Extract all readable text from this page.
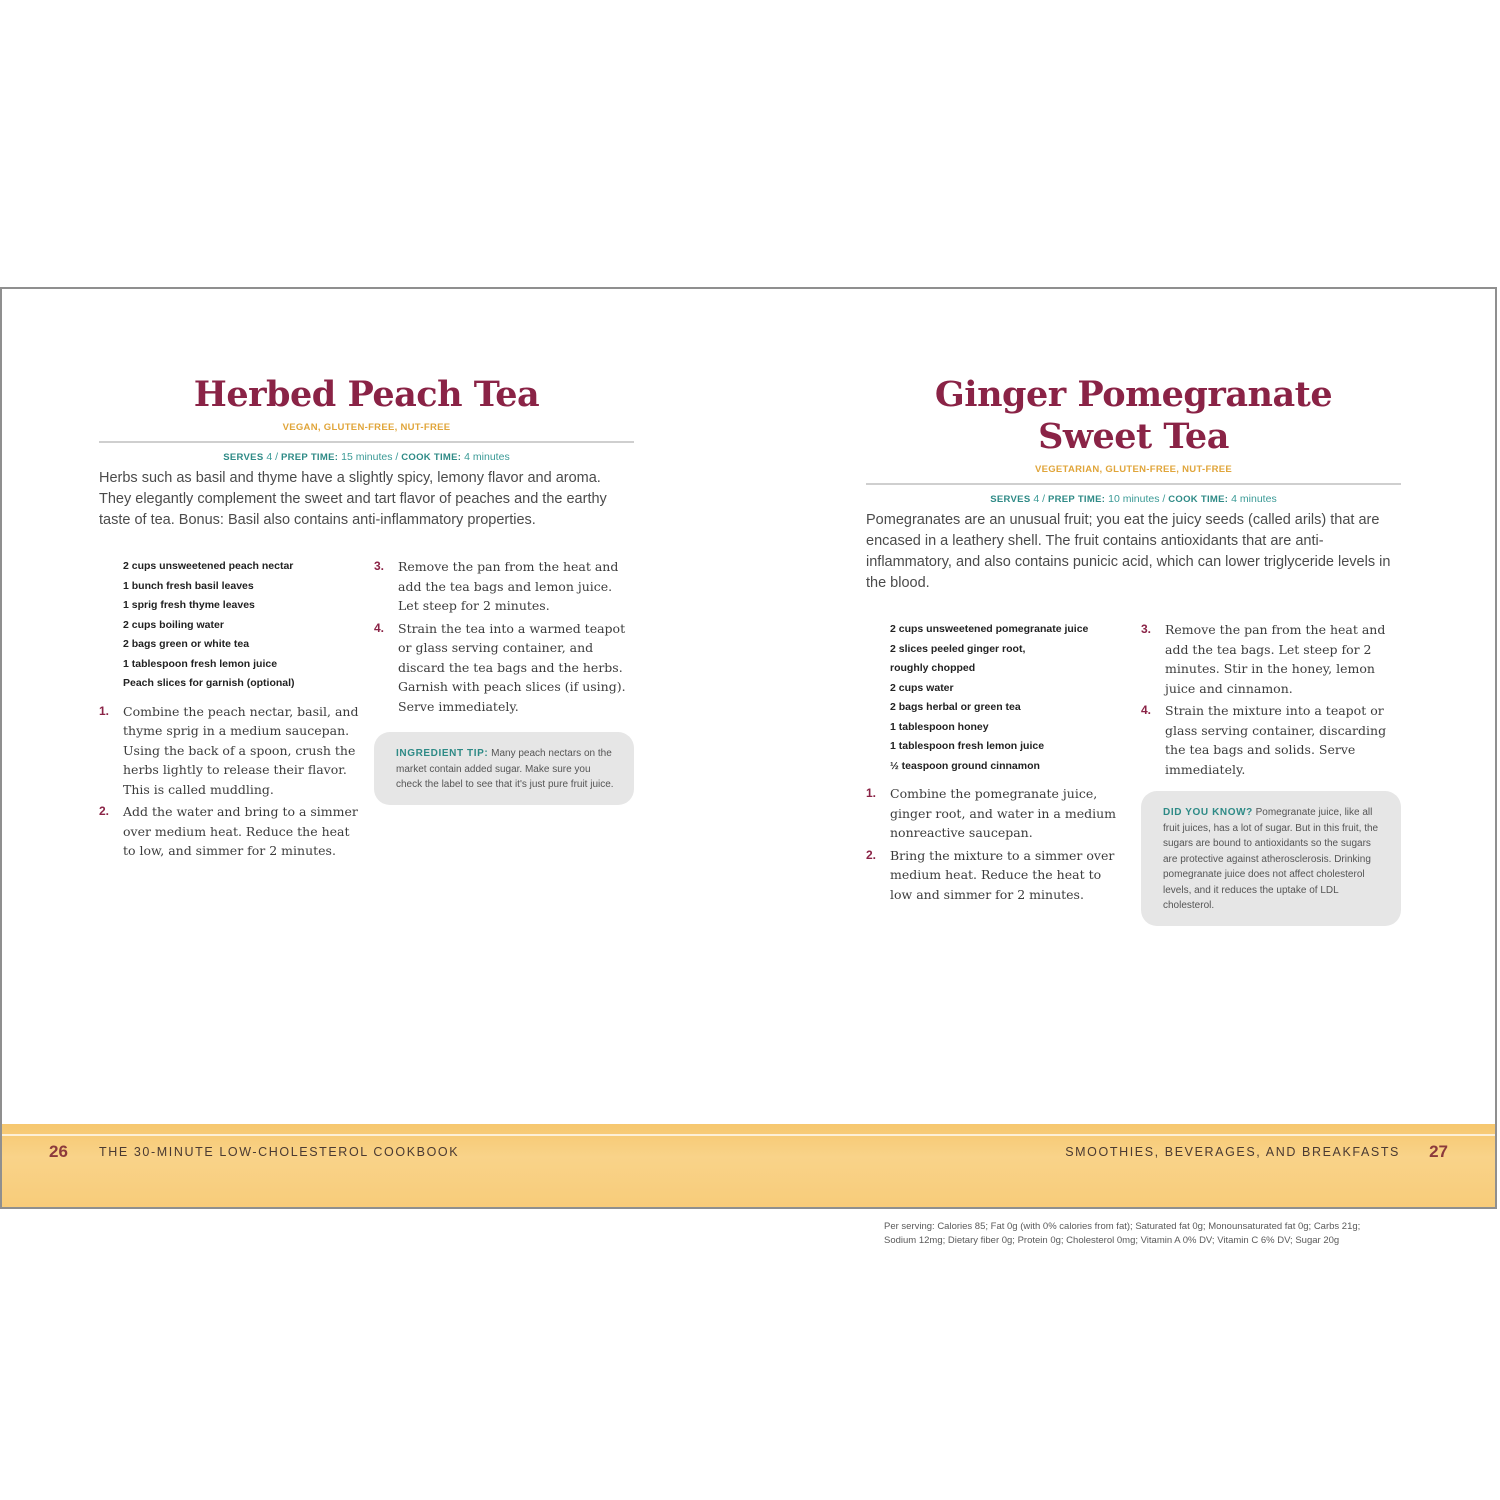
Herbed Peach Tea
VEGAN, GLUTEN-FREE, NUT-FREE
SERVES 4 / PREP TIME: 15 minutes / COOK TIME: 4 minutes

Herbs such as basil and thyme have a slightly spicy, lemony flavor and aroma. They elegantly complement the sweet and tart flavor of peaches and the earthy taste of tea. Bonus: Basil also contains anti-inflammatory properties.

2 cups unsweetened peach nectar
1 bunch fresh basil leaves
1 sprig fresh thyme leaves
2 cups boiling water
2 bags green or white tea
1 tablespoon fresh lemon juice
Peach slices for garnish (optional)
1. Combine the peach nectar, basil, and thyme sprig in a medium saucepan. Using the back of a spoon, crush the herbs lightly to release their flavor. This is called muddling.
2. Add the water and bring to a simmer over medium heat. Reduce the heat to low, and simmer for 2 minutes.
3. Remove the pan from the heat and add the tea bags and lemon juice. Let steep for 2 minutes.
4. Strain the tea into a warmed teapot or glass serving container, and discard the tea bags and the herbs. Garnish with peach slices (if using). Serve immediately.
INGREDIENT TIP: Many peach nectars on the market contain added sugar. Make sure you check the label to see that it's just pure fruit juice.
Ginger Pomegranate
Sweet Tea
VEGETARIAN, GLUTEN-FREE, NUT-FREE
SERVES 4 / PREP TIME: 10 minutes / COOK TIME: 4 minutes

Pomegranates are an unusual fruit; you eat the juicy seeds (called arils) that are encased in a leathery shell. The fruit contains antioxidants that are anti-inflammatory, and also contains punicic acid, which can lower triglyceride levels in the blood.

2 cups unsweetened pomegranate juice
2 slices peeled ginger root,
roughly chopped
2 cups water
2 bags herbal or green tea
1 tablespoon honey
1 tablespoon fresh lemon juice
½ teaspoon ground cinnamon
1. Combine the pomegranate juice, ginger root, and water in a medium nonreactive saucepan.
2. Bring the mixture to a simmer over medium heat. Reduce the heat to low and simmer for 2 minutes.
3. Remove the pan from the heat and add the tea bags. Let steep for 2 minutes. Stir in the honey, lemon juice and cinnamon.
4. Strain the mixture into a teapot or glass serving container, discarding the tea bags and solids. Serve immediately.
DID YOU KNOW? Pomegranate juice, like all fruit juices, has a lot of sugar. But in this fruit, the sugars are bound to antioxidants so the sugars are protective against atherosclerosis. Drinking pomegranate juice does not affect cholesterol levels, and it reduces the uptake of LDL cholesterol.
Per serving: Calories 85; Fat 0g (with 0% calories from fat); Saturated fat 0g; Monounsaturated fat 0g; Carbs 21g; Sodium 12mg; Dietary fiber 0g; Protein 0g; Cholesterol 0mg; Vitamin A 0% DV; Vitamin C 6% DV; Sugar 20g
26 THE 30-MINUTE LOW-CHOLESTEROL COOKBOOK	SMOOTHIES, BEVERAGES, AND BREAKFASTS 27
